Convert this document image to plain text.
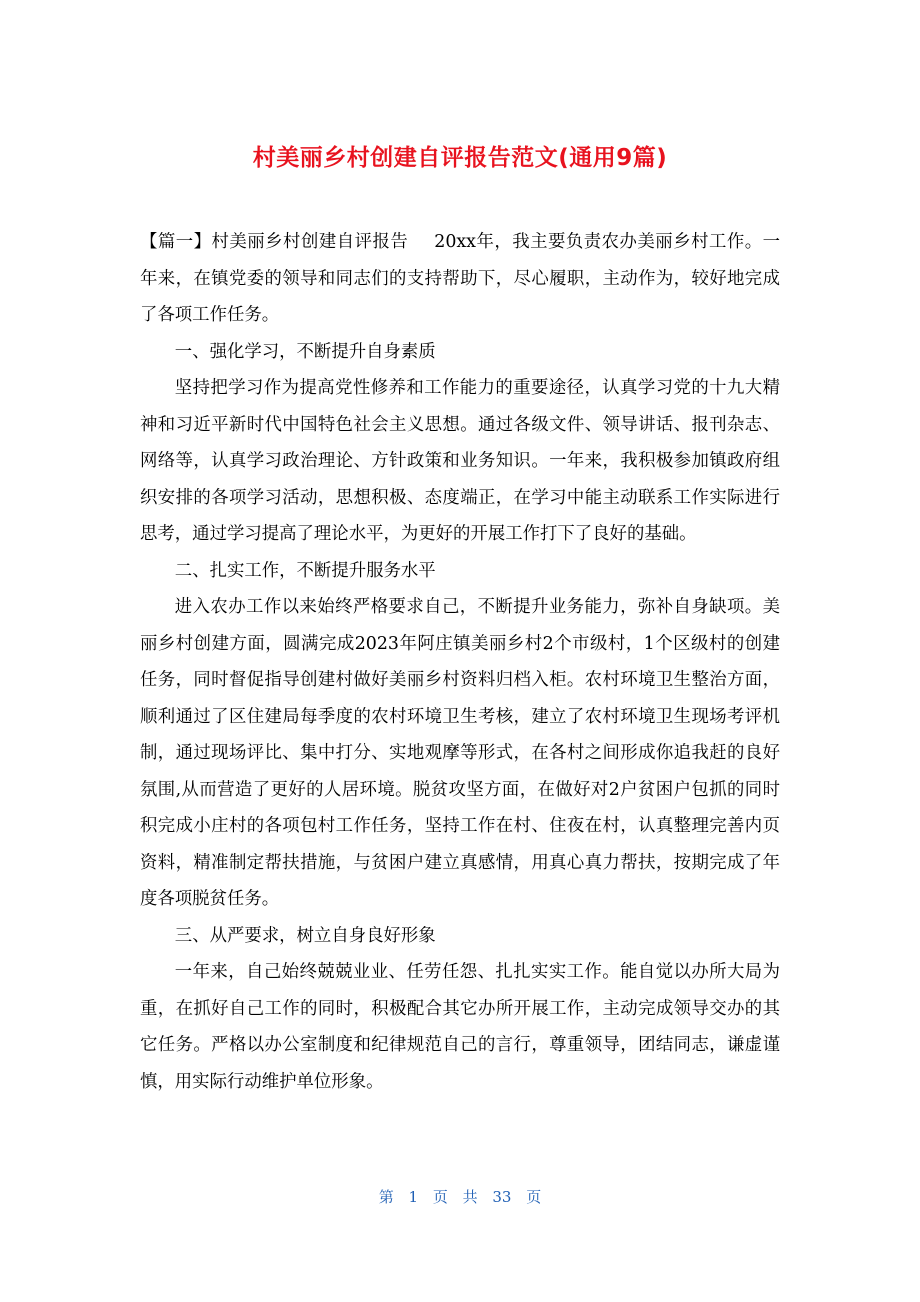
村美丽乡村创建自评报告范文(通用9篇)

【篇一】村美丽乡村创建自评报告 20xx年，我主要负责农办美丽乡村工作。一年来，在镇党委的领导和同志们的支持帮助下，尽心履职，主动作为，较好地完成了各项工作任务。

一、强化学习，不断提升自身素质

坚持把学习作为提高党性修养和工作能力的重要途径，认真学习党的十九大精神和习近平新时代中国特色社会主义思想。通过各级文件、领导讲话、报刊杂志、网络等，认真学习政治理论、方针政策和业务知识。一年来，我积极参加镇政府组织安排的各项学习活动，思想积极、态度端正，在学习中能主动联系工作实际进行思考，通过学习提高了理论水平，为更好的开展工作打下了良好的基础。

二、扎实工作，不断提升服务水平

进入农办工作以来始终严格要求自己，不断提升业务能力，弥补自身缺项。美丽乡村创建方面，圆满完成2023年阿庄镇美丽乡村2个市级村，1个区级村的创建任务，同时督促指导创建村做好美丽乡村资料归档入柜。农村环境卫生整治方面，顺利通过了区住建局每季度的农村环境卫生考核，建立了农村环境卫生现场考评机制，通过现场评比、集中打分、实地观摩等形式，在各村之间形成你追我赶的良好氛围,从而营造了更好的人居环境。脱贫攻坚方面，在做好对2户贫困户包抓的同时积完成小庄村的各项包村工作任务，坚持工作在村、住夜在村，认真整理完善内页资料，精准制定帮扶措施，与贫困户建立真感情，用真心真力帮扶，按期完成了年度各项脱贫任务。

三、从严要求，树立自身良好形象

一年来，自己始终兢兢业业、任劳任怨、扎扎实实工作。能自觉以办所大局为重，在抓好自己工作的同时，积极配合其它办所开展工作，主动完成领导交办的其它任务。严格以办公室制度和纪律规范自己的言行，尊重领导，团结同志，谦虚谨慎，用实际行动维护单位形象。

第 1 页 共 33 页
